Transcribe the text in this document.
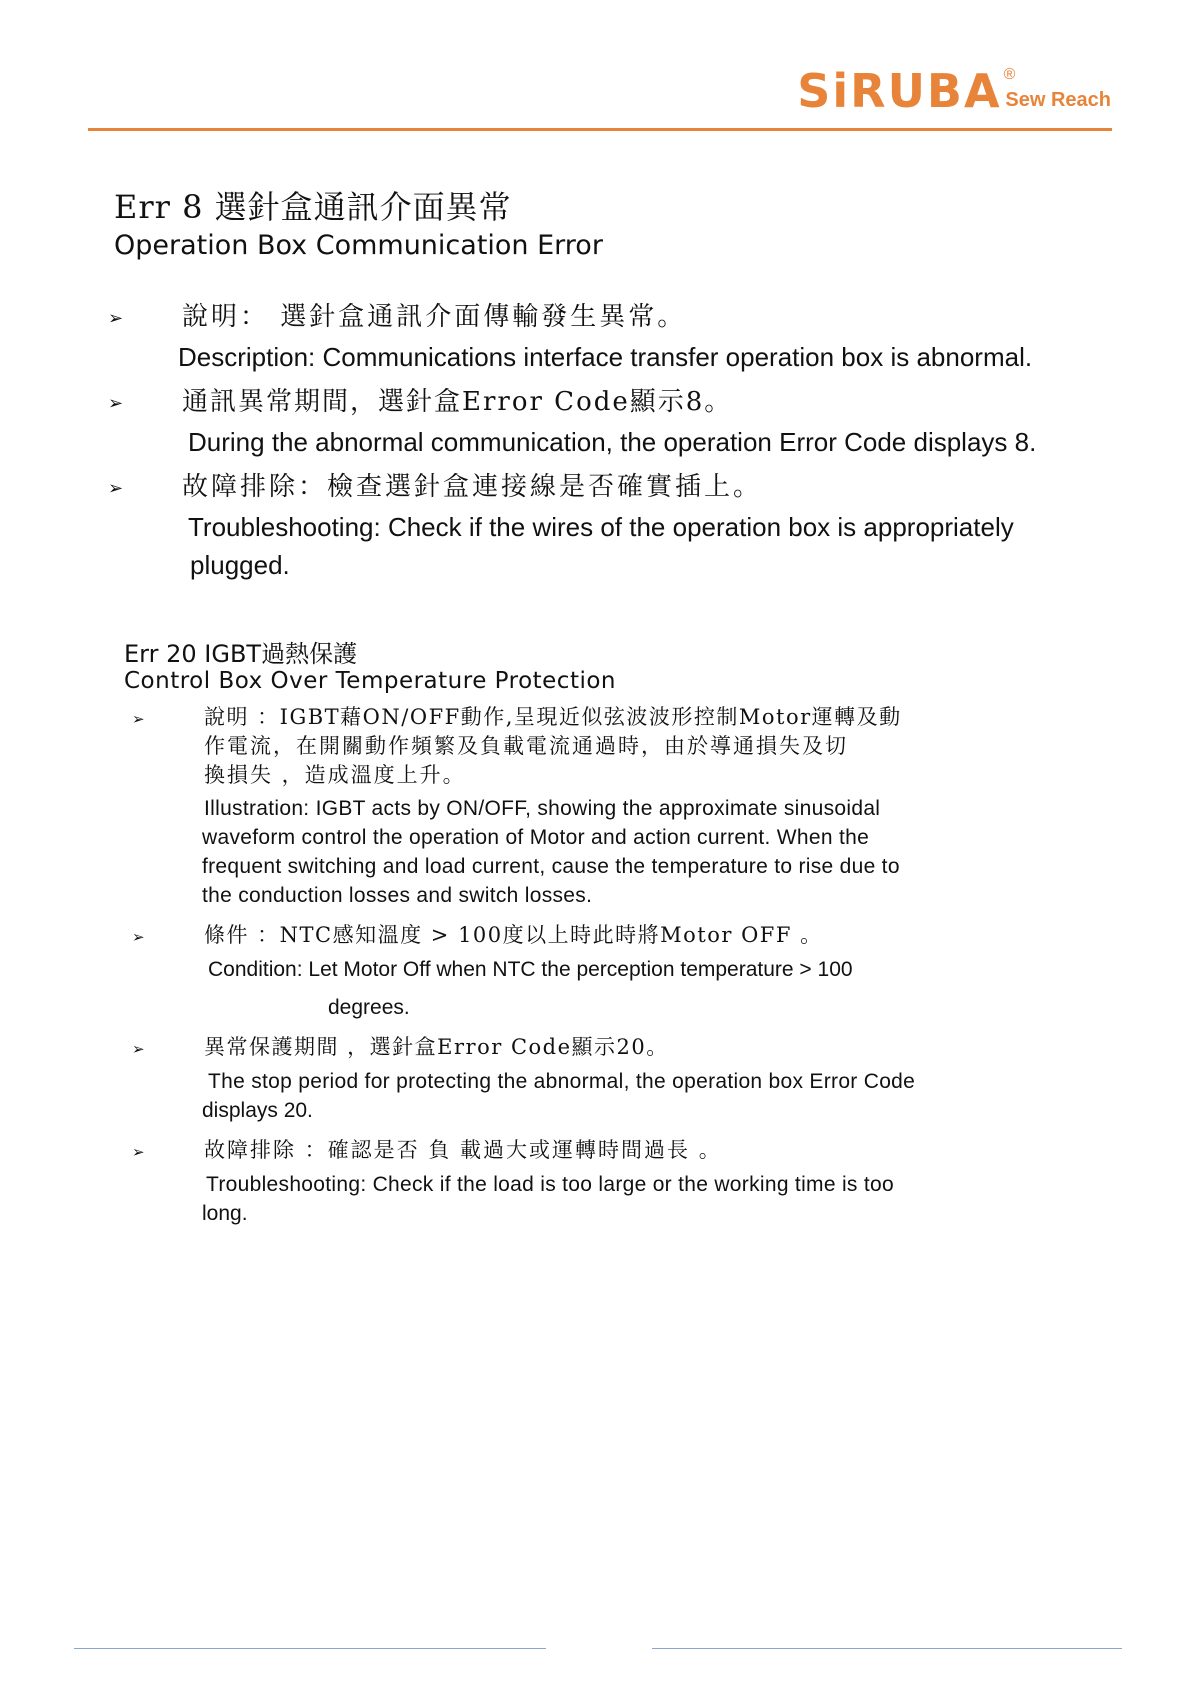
SiRUBA ®
Sew Reach
Err 8 選針盒通訊介面異常
Operation Box Communication Error
➢ 說明： 選針盒通訊介面傳輸發生異常。
Description: Communications interface transfer operation box is abnormal.
➢ 通訊異常期間，選針盒Error Code顯示8。
During the abnormal communication, the operation Error Code displays 8.
➢ 故障排除：檢查選針盒連接線是否確實插上。
Troubleshooting: Check if the wires of the operation box is appropriately
plugged.
Err 20 IGBT過熱保護
Control Box Over Temperature Protection
➢	說明 ：IGBT藉ON/OFF動作,呈現近似弦波波形控制Motor運轉及動
作電流，在開關動作頻繁及負載電流通過時，由於導通損失及切
換損失 ，造成溫度上升。
Illustration: IGBT acts by ON/OFF, showing the approximate sinusoidal
waveform control the operation of Motor and action current. When the
frequent switching and load current, cause the temperature to rise due to
the conduction losses and switch losses.
➢	條件 ：NTC感知溫度 > 100度以上時此時將Motor OFF 。
Condition: Let Motor Off when NTC the perception temperature > 100
degrees.
➢	異常保護期間 ，選針盒Error Code顯示20。
The stop period for protecting the abnormal, the operation box Error Code
displays 20.
➢	故障排除 ：確認是否 負 載過大或運轉時間過長 。
Troubleshooting: Check if the load is too large or the working time is too
long.
